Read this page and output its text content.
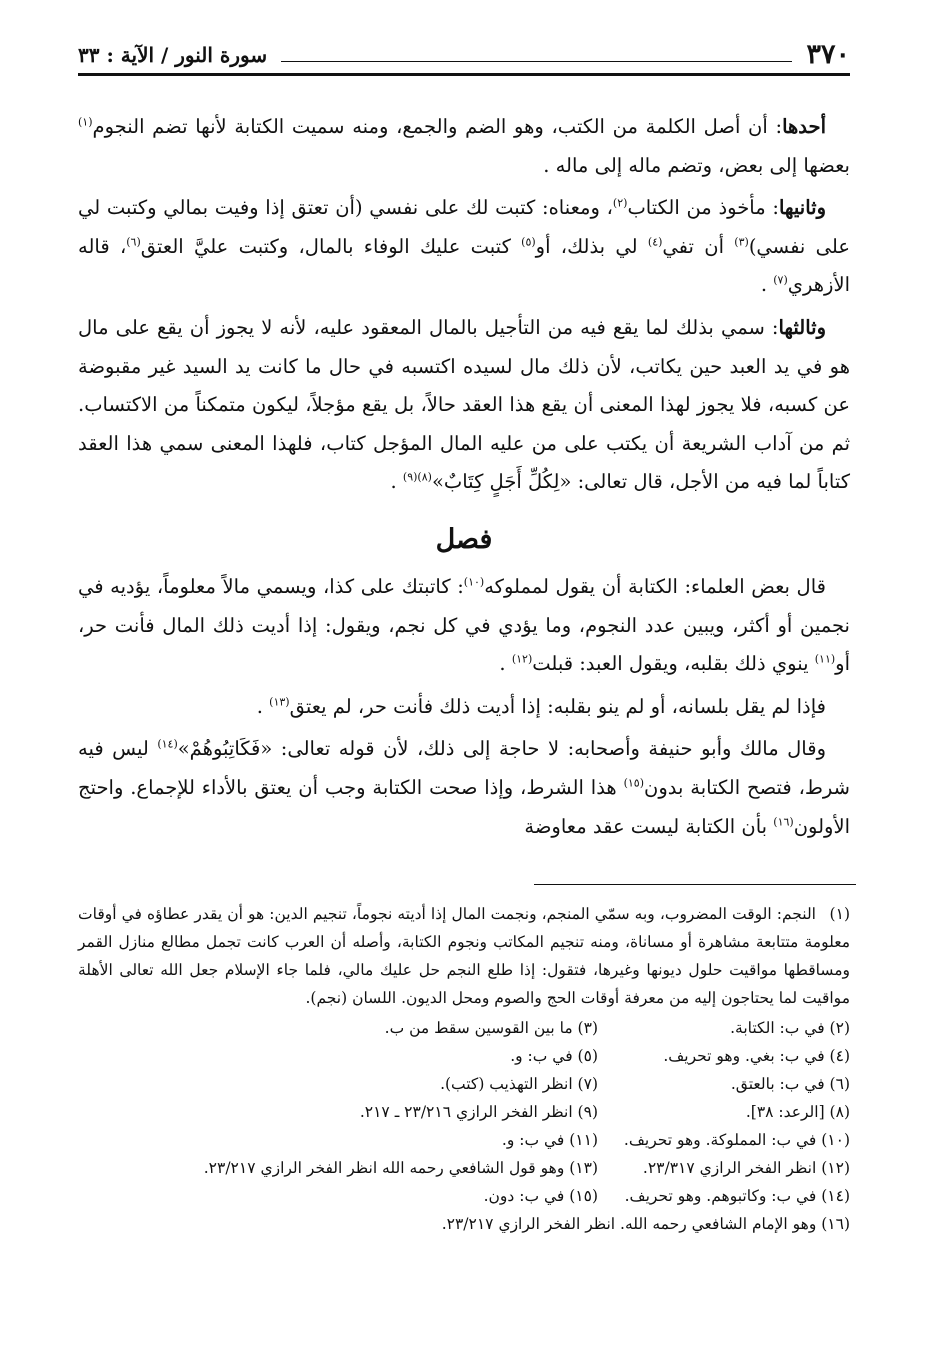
٣٧٠
سورة النور / الآية : ٣٣

أحدها: أن أصل الكلمة من الكتب، وهو الضم والجمع، ومنه سميت الكتابة لأنها تضم النجوم$^{(١)}$ بعضها إلى بعض، وتضم ماله إلى ماله .

وثانيها: مأخوذ من الكتاب$^{(٢)}$، ومعناه: كتبت لك على نفسي (أن تعتق إذا وفيت بمالي وكتبت لي على نفسي)$^{(٣)}$ أن تفي$^{(٤)}$ لي بذلك، أو$^{(٥)}$ كتبت عليك الوفاء بالمال، وكتبت عليَّ العتق$^{(٦)}$، قاله الأزهري$^{(٧)}$ .

وثالثها: سمي بذلك لما يقع فيه من التأجيل بالمال المعقود عليه، لأنه لا يجوز أن يقع على مال هو في يد العبد حين يكاتب، لأن ذلك مال لسيده اكتسبه في حال ما كانت يد السيد غير مقبوضة عن كسبه، فلا يجوز لهذا المعنى أن يقع هذا العقد حالاً، بل يقع مؤجلاً، ليكون متمكناً من الاكتساب. ثم من آداب الشريعة أن يكتب على من عليه المال المؤجل كتاب، فلهذا المعنى سمي هذا العقد كتاباً لما فيه من الأجل، قال تعالى: «لِكُلِّ أَجَلٍ كِتَابٌ»$^{(٨)(٩)}$ .

فصل

قال بعض العلماء: الكتابة أن يقول لمملوكه$^{(١٠)}$: كاتبتك على كذا، ويسمي مالاً معلوماً، يؤديه في نجمين أو أكثر، ويبين عدد النجوم، وما يؤدي في كل نجم، ويقول: إذا أديت ذلك المال فأنت حر، أو$^{(١١)}$ ينوي ذلك بقلبه، ويقول العبد: قبلت$^{(١٢)}$ .

فإذا لم يقل بلسانه، أو لم ينو بقلبه: إذا أديت ذلك فأنت حر، لم يعتق$^{(١٣)}$ .

وقال مالك وأبو حنيفة وأصحابه: لا حاجة إلى ذلك، لأن قوله تعالى: «فَكَاتِبُوهُمْ»$^{(١٤)}$ ليس فيه شرط، فتصح الكتابة بدون$^{(١٥)}$ هذا الشرط، وإذا صحت الكتابة وجب أن يعتق بالأداء للإجماع. واحتج الأولون$^{(١٦)}$ بأن الكتابة ليست عقد معاوضة

(١)النجم: الوقت المضروب، وبه سمّي المنجم، ونجمت المال إذا أديته نجوماً، تنجيم الدين: هو أن يقدر عطاؤه في أوقات معلومة متتابعة مشاهرة أو مساناة، ومنه تنجيم المكاتب ونجوم الكتابة، وأصله أن العرب كانت تجمل مطالع منازل القمر ومساقطها مواقيت حلول ديونها وغيرها، فتقول: إذا طلع النجم حل عليك مالي، فلما جاء الإسلام جعل الله تعالى الأهلة مواقيت لما يحتاجون إليه من معرفة أوقات الحج والصوم ومحل الديون. اللسان (نجم).
(٢) في ب: الكتابة.
(٣) ما بين القوسين سقط من ب.
(٤) في ب: بغي. وهو تحريف.
(٥) في ب: و.
(٦) في ب: بالعتق.
(٧) انظر التهذيب (كتب).
(٨) [الرعد: ٣٨].
(٩) انظر الفخر الرازي ٢٣/٢١٦ ـ ٢١٧.
(١٠) في ب: المملوكة. وهو تحريف.
(١١) في ب: و.
(١٢) انظر الفخر الرازي ٢٣/٣١٧.
(١٣) وهو قول الشافعي رحمه الله انظر الفخر الرازي ٢٣/٢١٧.
(١٤) في ب: وكاتبوهم. وهو تحريف.
(١٥) في ب: دون.
(١٦) وهو الإمام الشافعي رحمه الله. انظر الفخر الرازي ٢٣/٢١٧.
